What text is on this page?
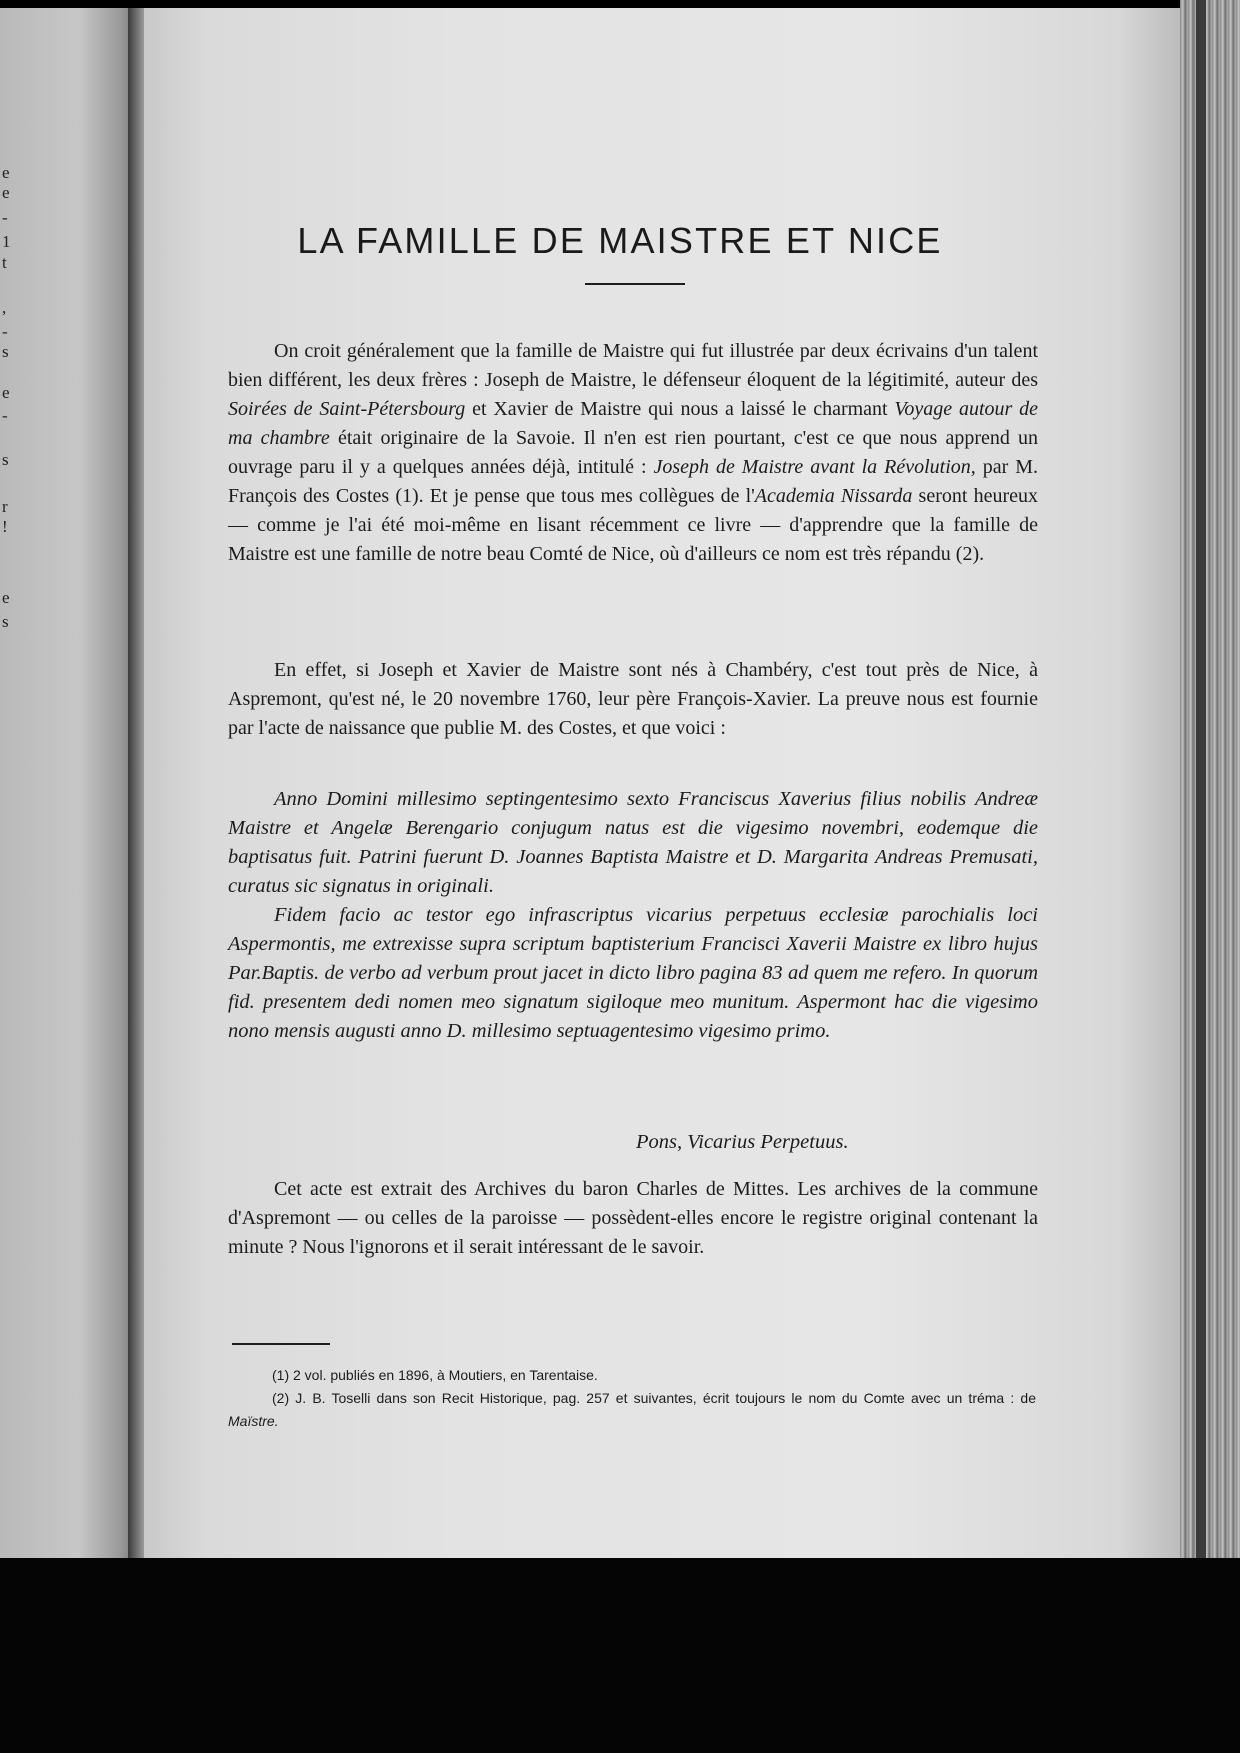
e
e
-
1
t
,
-
s
e
-
s
r
!
e
s
LA FAMILLE DE MAISTRE ET NICE

On croit généralement que la famille de Maistre qui fut illustrée par deux écrivains d'un talent bien différent, les deux frères : Joseph de Maistre, le défenseur éloquent de la légitimité, auteur des Soirées de Saint-Pétersbourg et Xavier de Maistre qui nous a laissé le charmant Voyage autour de ma chambre était originaire de la Savoie. Il n'en est rien pourtant, c'est ce que nous apprend un ouvrage paru il y a quelques années déjà, intitulé : Joseph de Maistre avant la Révolution, par M. François des Costes (1). Et je pense que tous mes collègues de l'Academia Nissarda seront heureux — comme je l'ai été moi-même en lisant récemment ce livre — d'apprendre que la famille de Maistre est une famille de notre beau Comté de Nice, où d'ailleurs ce nom est très répandu (2).

En effet, si Joseph et Xavier de Maistre sont nés à Chambéry, c'est tout près de Nice, à Aspremont, qu'est né, le 20 novembre 1760, leur père François-Xavier. La preuve nous est fournie par l'acte de naissance que publie M. des Costes, et que voici :

Anno Domini millesimo septingentesimo sexto Franciscus Xaverius filius nobilis Andreæ Maistre et Angelæ Berengario conjugum natus est die vigesimo novembri, eodemque die baptisatus fuit. Patrini fuerunt D. Joannes Baptista Maistre et D. Margarita Andreas Premusati, curatus sic signatus in originali.

Fidem facio ac testor ego infrascriptus vicarius perpetuus ecclesiæ parochialis loci Aspermontis, me extrexisse supra scriptum baptisterium Francisci Xaverii Maistre ex libro hujus Par.Baptis. de verbo ad verbum prout jacet in dicto libro pagina 83 ad quem me refero. In quorum fid. presentem dedi nomen meo signatum sigiloque meo munitum. Aspermont hac die vigesimo nono mensis augusti anno D. millesimo septuagentesimo vigesimo primo.

Pons, Vicarius Perpetuus.

Cet acte est extrait des Archives du baron Charles de Mittes. Les archives de la commune d'Aspremont — ou celles de la paroisse — possèdent-elles encore le registre original contenant la minute ? Nous l'ignorons et il serait intéressant de le savoir.

(1) 2 vol. publiés en 1896, à Moutiers, en Tarentaise.

(2) J. B. Toselli dans son Recit Historique, pag. 257 et suivantes, écrit toujours le nom du Comte avec un tréma : de Maïstre.
